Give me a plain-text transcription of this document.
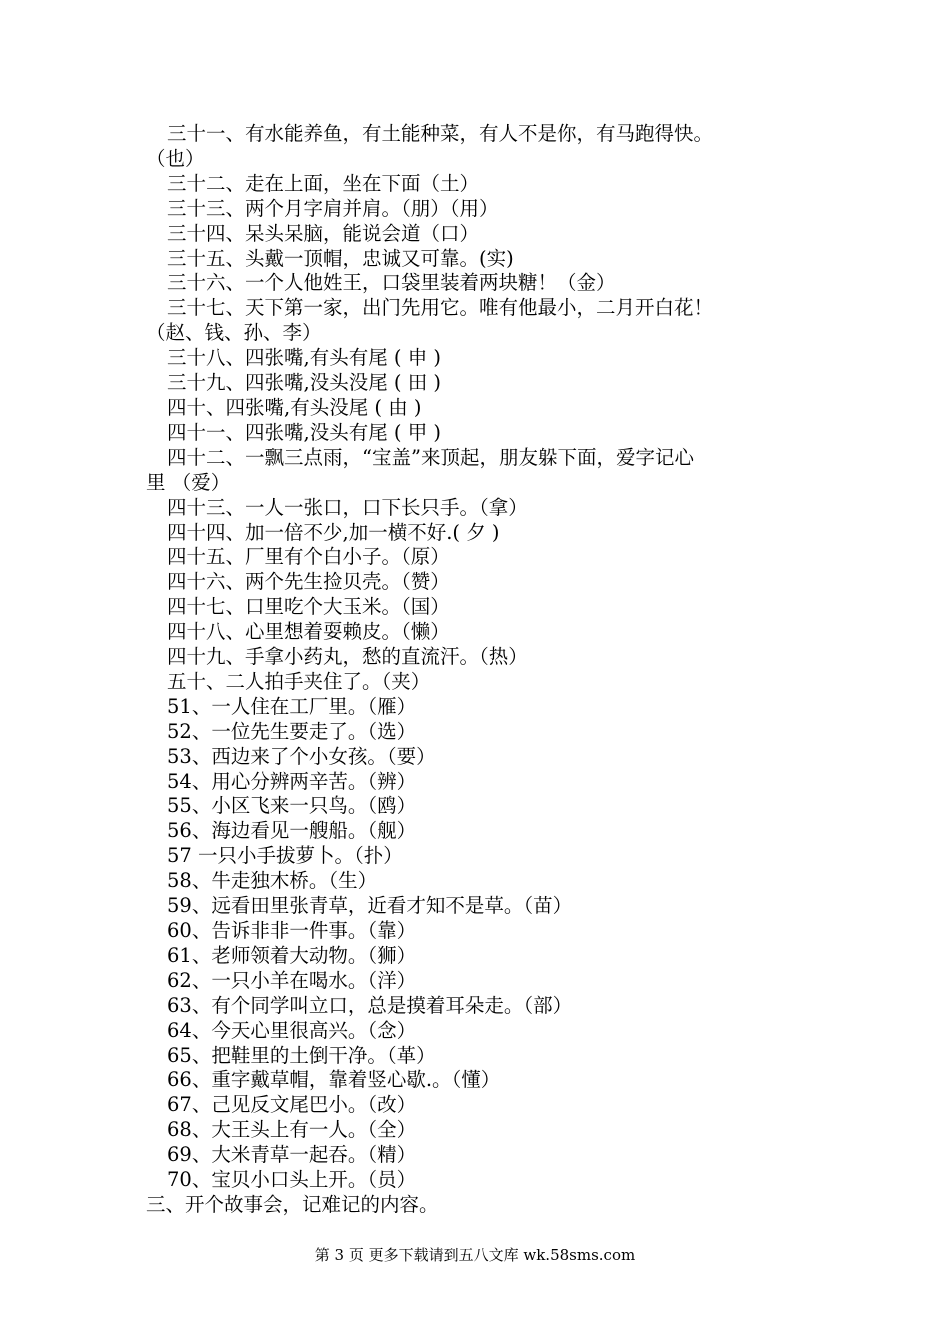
三十一、有水能养鱼，有土能种菜，有人不是你，有马跑得快。
（也）
三十二、走在上面，坐在下面（土）
三十三、两个月字肩并肩。（朋）（用）
三十四、呆头呆脑，能说会道（口）
三十五、头戴一顶帽，忠诚又可靠。(实)
三十六、一个人他姓王，口袋里装着两块糖！（金）
三十七、天下第一家，出门先用它。唯有他最小，二月开白花！
（赵、钱、孙、李）
三十八、四张嘴,有头有尾 ( 申 )
三十九、四张嘴,没头没尾 ( 田 )
四十、四张嘴,有头没尾 ( 由 )
四十一、四张嘴,没头有尾 ( 甲 )
四十二、一飘三点雨，“宝盖”来顶起，朋友躲下面，爱字记心
里 （爱）
四十三、一人一张口，口下长只手。（拿）
四十四、加一倍不少,加一横不好.( 夕 )
四十五、厂里有个白小子。（原）
四十六、两个先生捡贝壳。（赞）
四十七、口里吃个大玉米。（国）
四十八、心里想着耍赖皮。（懒）
四十九、手拿小药丸，愁的直流汗。（热）
五十、二人拍手夹住了。（夹）
51、一人住在工厂里。（雁）
52、一位先生要走了。（选）
53、西边来了个小女孩。（要）
54、用心分辨两辛苦。（辨）
55、小区飞来一只鸟。（鸥）
56、海边看见一艘船。（舰）
57 一只小手拔萝卜。（扑）
58、牛走独木桥。（生）
59、远看田里张青草，近看才知不是草。（苗）
60、告诉非非一件事。（靠）
61、老师领着大动物。（狮）
62、一只小羊在喝水。（洋）
63、有个同学叫立口，总是摸着耳朵走。（部）
64、今天心里很高兴。（念）
65、把鞋里的土倒干净。（革）
66、重字戴草帽，靠着竖心歇.。（懂）
67、己见反文尾巴小。（改）
68、大王头上有一人。（全）
69、大米青草一起吞。（精）
70、宝贝小口头上开。（员）
三、开个故事会，记难记的内容。
第 3 页 更多下载请到五八文库 wk.58sms.com
